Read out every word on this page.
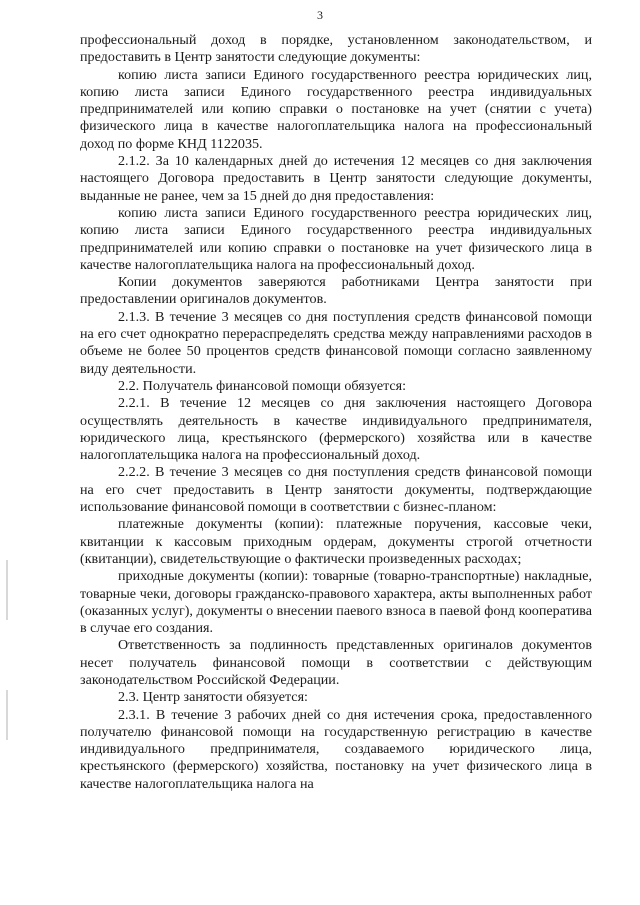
3

профессиональный доход в порядке, установленном законодательством, и предоставить в Центр занятости следующие документы:

копию листа записи Единого государственного реестра юридических лиц, копию листа записи Единого государственного реестра индивидуальных предпринимателей или копию справки о постановке на учет (снятии с учета) физического лица в качестве налогоплательщика налога на профессиональный доход по форме КНД 1122035.

2.1.2. За 10 календарных дней до истечения 12 месяцев со дня заключения настоящего Договора предоставить в Центр занятости следующие документы, выданные не ранее, чем за 15 дней до дня предоставления:

копию листа записи Единого государственного реестра юридических лиц, копию листа записи Единого государственного реестра индивидуальных предпринимателей или копию справки о постановке на учет физического лица в качестве налогоплательщика налога на профессиональный доход.

Копии документов заверяются работниками Центра занятости при предоставлении оригиналов документов.

2.1.3. В течение 3 месяцев со дня поступления средств финансовой помощи на его счет однократно перераспределять средства между направлениями расходов в объеме не более 50 процентов средств финансовой помощи согласно заявленному виду деятельности.

2.2. Получатель финансовой помощи обязуется:

2.2.1. В течение 12 месяцев со дня заключения настоящего Договора осуществлять деятельность в качестве индивидуального предпринимателя, юридического лица, крестьянского (фермерского) хозяйства или в качестве налогоплательщика налога на профессиональный доход.

2.2.2. В течение 3 месяцев со дня поступления средств финансовой помощи на его счет предоставить в Центр занятости документы, подтверждающие использование финансовой помощи в соответствии с бизнес-планом:

платежные документы (копии): платежные поручения, кассовые чеки, квитанции к кассовым приходным ордерам, документы строгой отчетности (квитанции), свидетельствующие о фактически произведенных расходах;

приходные документы (копии): товарные (товарно-транспортные) накладные, товарные чеки, договоры гражданско-правового характера, акты выполненных работ (оказанных услуг), документы о внесении паевого взноса в паевой фонд кооператива в случае его создания.

Ответственность за подлинность представленных оригиналов документов несет получатель финансовой помощи в соответствии с действующим законодательством Российской Федерации.

2.3. Центр занятости обязуется:

2.3.1. В течение 3 рабочих дней со дня истечения срока, предоставленного получателю финансовой помощи на государственную регистрацию в качестве индивидуального предпринимателя, создаваемого юридического лица, крестьянского (фермерского) хозяйства, постановку на учет физического лица в качестве налогоплательщика налога на
